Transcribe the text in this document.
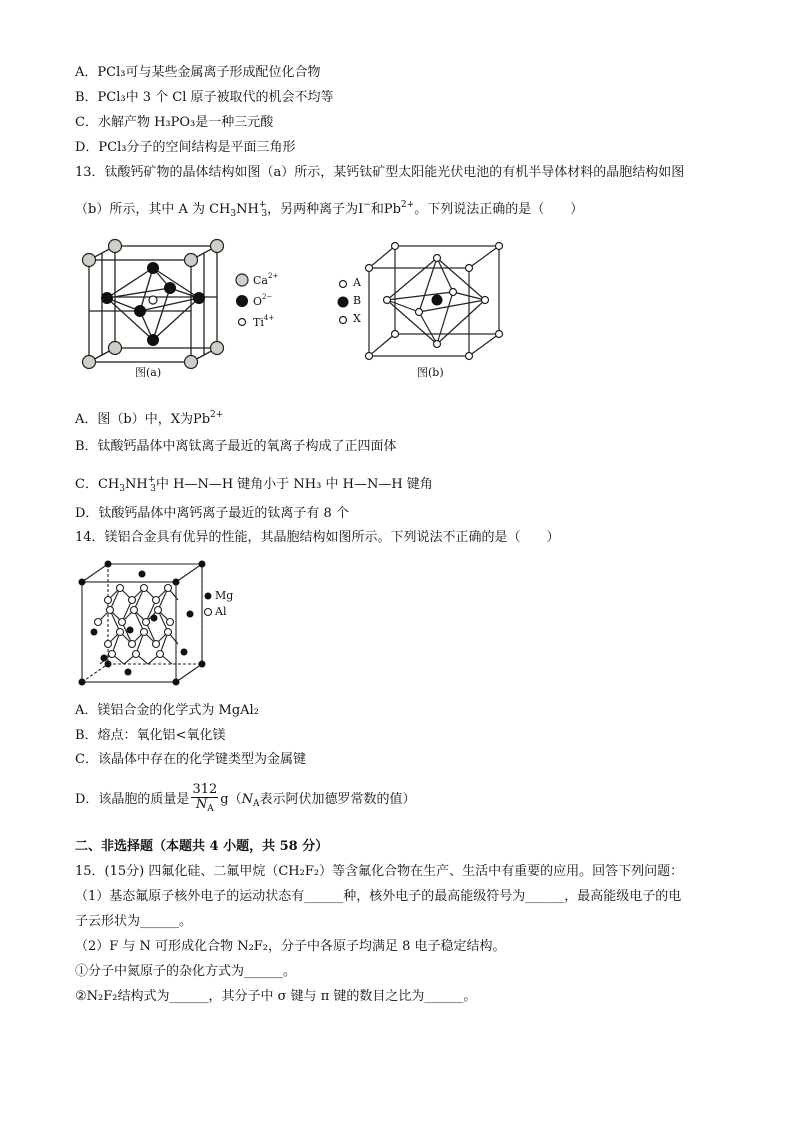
A．PCl₃可与某些金属离子形成配位化合物
B．PCl₃中 3 个 Cl 原子被取代的机会不均等
C．水解产物 H₃PO₃是一种三元酸
D．PCl₃分子的空间结构是平面三角形
13．钛酸钙矿物的晶体结构如图（a）所示，某钙钛矿型太阳能光伏电池的有机半导体材料的晶胞结构如图
（b）所示，其中 A 为 $CH_3NH^+_3$，另两种离子为I−和$Pb^{2+}$。下列说法正确的是（　　）
$Ca^{2+}$
$O^{2-}$
$Ti^{4+}$
图(a)
A
B
X
图(b)
A．图（b）中，X为$Pb^{2+}$
B．钛酸钙晶体中离钛离子最近的氧离子构成了正四面体
C．$CH_3NH^+_3$中 H—N—H 键角小于 NH₃ 中 H—N—H 键角
D．钛酸钙晶体中离钙离子最近的钛离子有 8 个
14．镁铝合金具有优异的性能，其晶胞结构如图所示。下列说法不正确的是（　　）
Mg
Al
A．镁铝合金的化学式为 MgAl₂
B．熔点：氧化铝<氧化镁
C．该晶体中存在的化学键类型为金属键
D．该晶胞的质量是 $\frac{312}{N_A} g(N_A$表示阿伏加德罗常数的值）
二、非选择题（本题共 4 小题，共 58 分）
15．(15分) 四氟化硅、二氟甲烷（CH₂F₂）等含氟化合物在生产、生活中有重要的应用。回答下列问题：
（1）基态氟原子核外电子的运动状态有______种，核外电子的最高能级符号为______，最高能级电子的电
子云形状为______。
（2）F 与 N 可形成化合物 N₂F₂，分子中各原子均满足 8 电子稳定结构。
①分子中氮原子的杂化方式为______。
②N₂F₂结构式为______，其分子中 σ 键与 π 键的数目之比为______。
